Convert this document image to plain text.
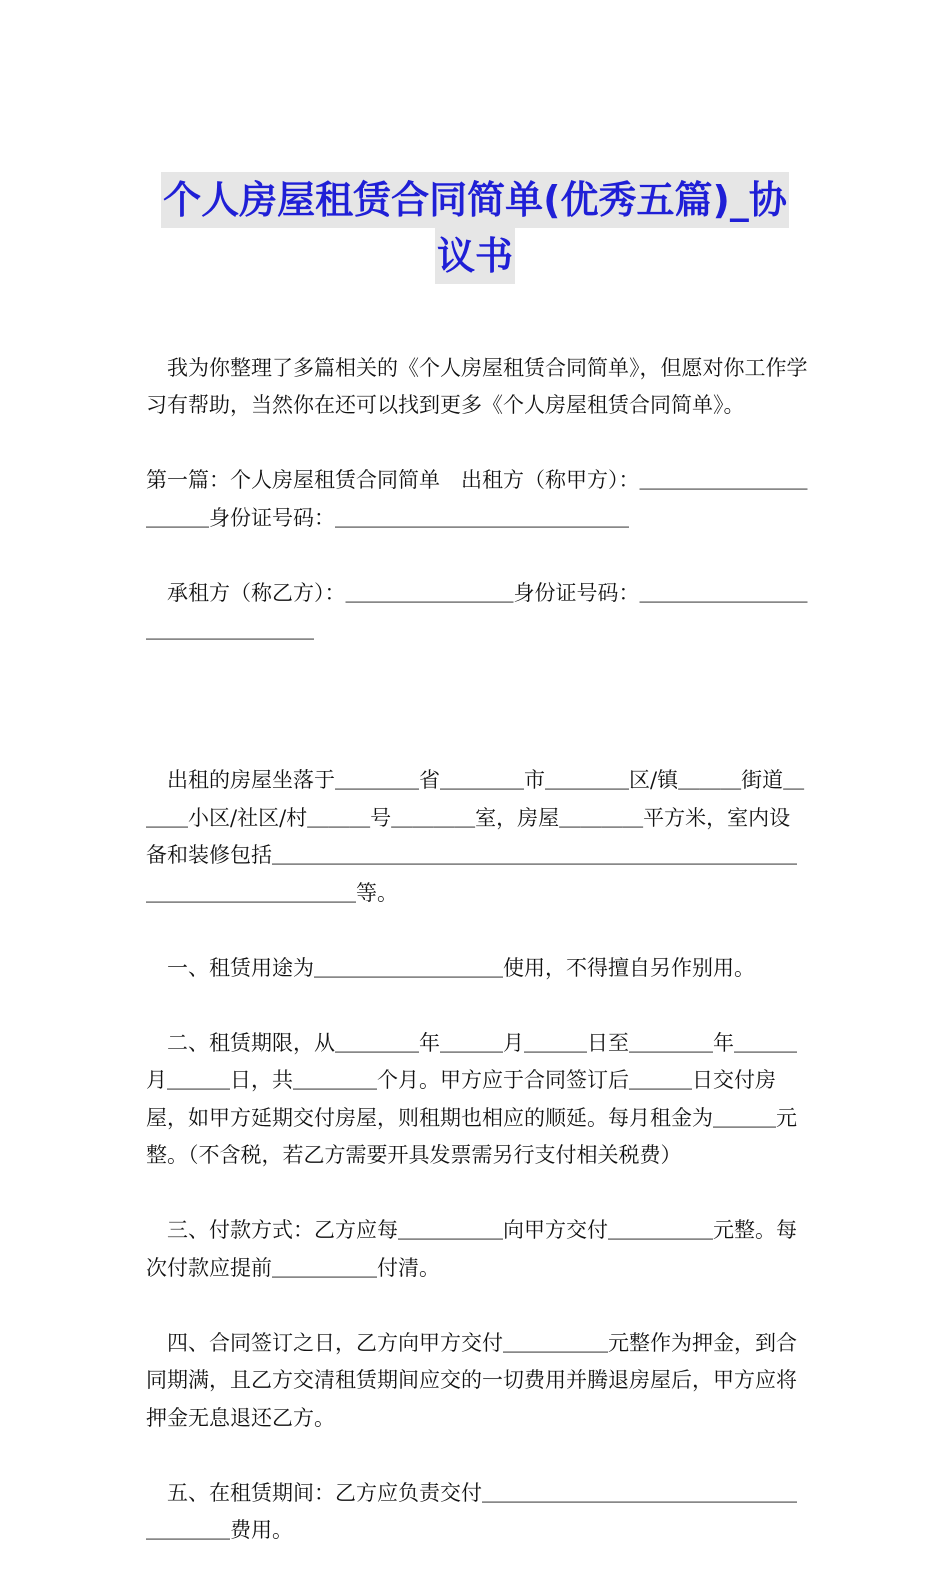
个人房屋租赁合同简单(优秀五篇)_协
议书

　我为你整理了多篇相关的《个人房屋租赁合同简单》，但愿对你工作学习有帮助，当然你在还可以找到更多《个人房屋租赁合同简单》。

第一篇：个人房屋租赁合同简单　出租方（称甲方）：＿＿＿＿＿＿＿＿＿＿＿身份证号码：＿＿＿＿＿＿＿＿＿＿＿＿＿＿

　承租方（称乙方）：＿＿＿＿＿＿＿＿身份证号码：＿＿＿＿＿＿＿＿＿＿＿＿＿＿＿＿

　出租的房屋坐落于＿＿＿＿省＿＿＿＿市＿＿＿＿区/镇＿＿＿街道＿＿＿小区/社区/村＿＿＿号＿＿＿＿室，房屋＿＿＿＿平方米，室内设备和装修包括＿＿＿＿＿＿＿＿＿＿＿＿＿＿＿＿＿＿＿＿＿＿＿＿＿＿＿＿＿＿＿＿＿＿＿等。

　一、租赁用途为＿＿＿＿＿＿＿＿＿使用，不得擅自另作别用。

　二、租赁期限，从＿＿＿＿年＿＿＿月＿＿＿日至＿＿＿＿年＿＿＿月＿＿＿日，共＿＿＿＿个月。甲方应于合同签订后＿＿＿日交付房屋，如甲方延期交付房屋，则租期也相应的顺延。每月租金为＿＿＿元整。（不含税，若乙方需要开具发票需另行支付相关税费）

　三、付款方式：乙方应每＿＿＿＿＿向甲方交付＿＿＿＿＿元整。每次付款应提前＿＿＿＿＿付清。

　四、合同签订之日，乙方向甲方交付＿＿＿＿＿元整作为押金，到合同期满，且乙方交清租赁期间应交的一切费用并腾退房屋后，甲方应将押金无息退还乙方。

　五、在租赁期间：乙方应负责交付＿＿＿＿＿＿＿＿＿＿＿＿＿＿＿＿＿＿＿费用。
